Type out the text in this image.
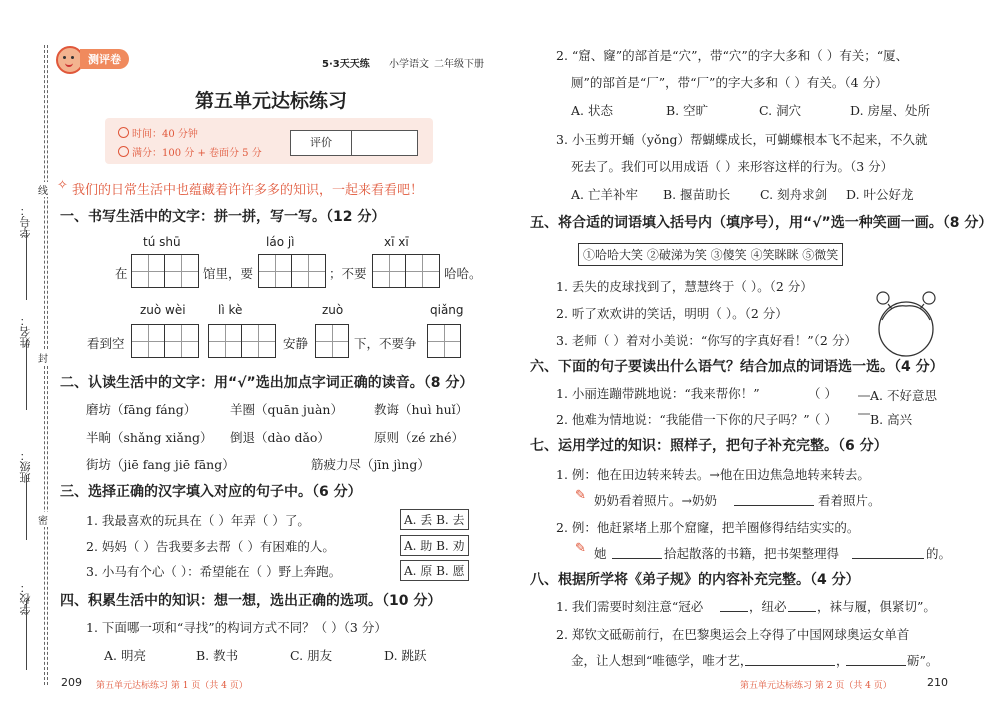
学号：
姓名：
班级：
学校：
线
封
密
测评卷	5·3天天练 小学语文 二年级下册
第五单元达标练习
时间：40 分钟
满分：100 分 + 卷面分 5 分
评价
✧ 我们的日常生活中也蕴藏着许许多多的知识，一起来看看吧！
一、书写生活中的文字：拼一拼，写一写。（12 分）
tú shū	láo jì	xī xī
在	馆里，要	；不要	哈哈。
zuò wèi	lì kè	zuò	qiǎng
看到空	安静	下，不要争
二、认读生活中的文字：用“√”选出加点字词正确的读音。（8 分）
磨坊（fāng fáng）	羊圈（quān juàn） 教诲（huì huǐ）
半晌（shǎng xiǎng） 倒退（dào dǎo）	原则（zé zhé）
街坊（jiē fang jiē fāng）	筋疲力尽（jīn jìng）
三、选择正确的汉字填入对应的句子中。（6 分）
1. 我最喜欢的玩具在（ ）年弄（ ）了。	A. 丢 B. 去
2. 妈妈（ ）告我要多去帮（ ）有困难的人。	A. 助 B. 劝
3. 小马有个心（ ）：希望能在（ ）野上奔跑。	A. 原 B. 愿
四、积累生活中的知识：想一想，选出正确的选项。（10 分）
1. 下面哪一项和“寻找”的构词方式不同？（ ）（3 分）
A. 明亮	B. 教书	C. 朋友	D. 跳跃
209 第五单元达标练习 第 1 页（共 4 页）
2. “窟、窿”的部首是“穴”，带“穴”的字大多和（ ）有关；“厦、
厕”的部首是“厂”，带“厂”的字大多和（ ）有关。（4 分）
A. 状态	B. 空旷	C. 洞穴	D. 房屋、处所
3. 小玉剪开蛹（yǒng）帮蝴蝶成长，可蝴蝶根本飞不起来，不久就
死去了。我们可以用成语（ ）来形容这样的行为。（3 分）
A. 亡羊补牢 B. 揠苗助长 C. 刻舟求剑 D. 叶公好龙
五、将合适的词语填入括号内（填序号），用“√”选一种笑画一画。（8 分）
①哈哈大笑 ②破涕为笑 ③傻笑 ④笑眯眯 ⑤微笑
1. 丢失的皮球找到了，慧慧终于（ ）。（2 分）
2. 听了欢欢讲的笑话，明明（ ）。（2 分）
3. 老师（ ）着对小美说：“你写的字真好看！”（2 分）
六、下面的句子要读出什么语气？结合加点的词语选一选。（4 分）
1. 小丽连蹦带跳地说：“我来帮你！”	（ ）	A. 不好意思
2. 他难为情地说：“我能借一下你的尺子吗？”
（ ）	B. 高兴
七、运用学过的知识：照样子，把句子补充完整。（6 分）
1. 例：他在田边转来转去。→他在田边焦急地转来转去。
✎ 奶奶看着照片。→奶奶	看着照片。
2. 例：他赶紧堵上那个窟窿，把羊圈修得结结实实的。
✎ 她	拾起散落的书籍，把书架整理得	的。
八、根据所学将《弟子规》的内容补充完整。（4 分）
1. 我们需要时刻注意“冠必	，纽必 ，袜与履，俱紧切”。
2. 郑钦文砥砺前行，在巴黎奥运会上夺得了中国网球奥运女单首
金，让人想到“唯德学，唯才艺，	，	砺”。
第五单元达标练习 第 2 页（共 4 页）	210
